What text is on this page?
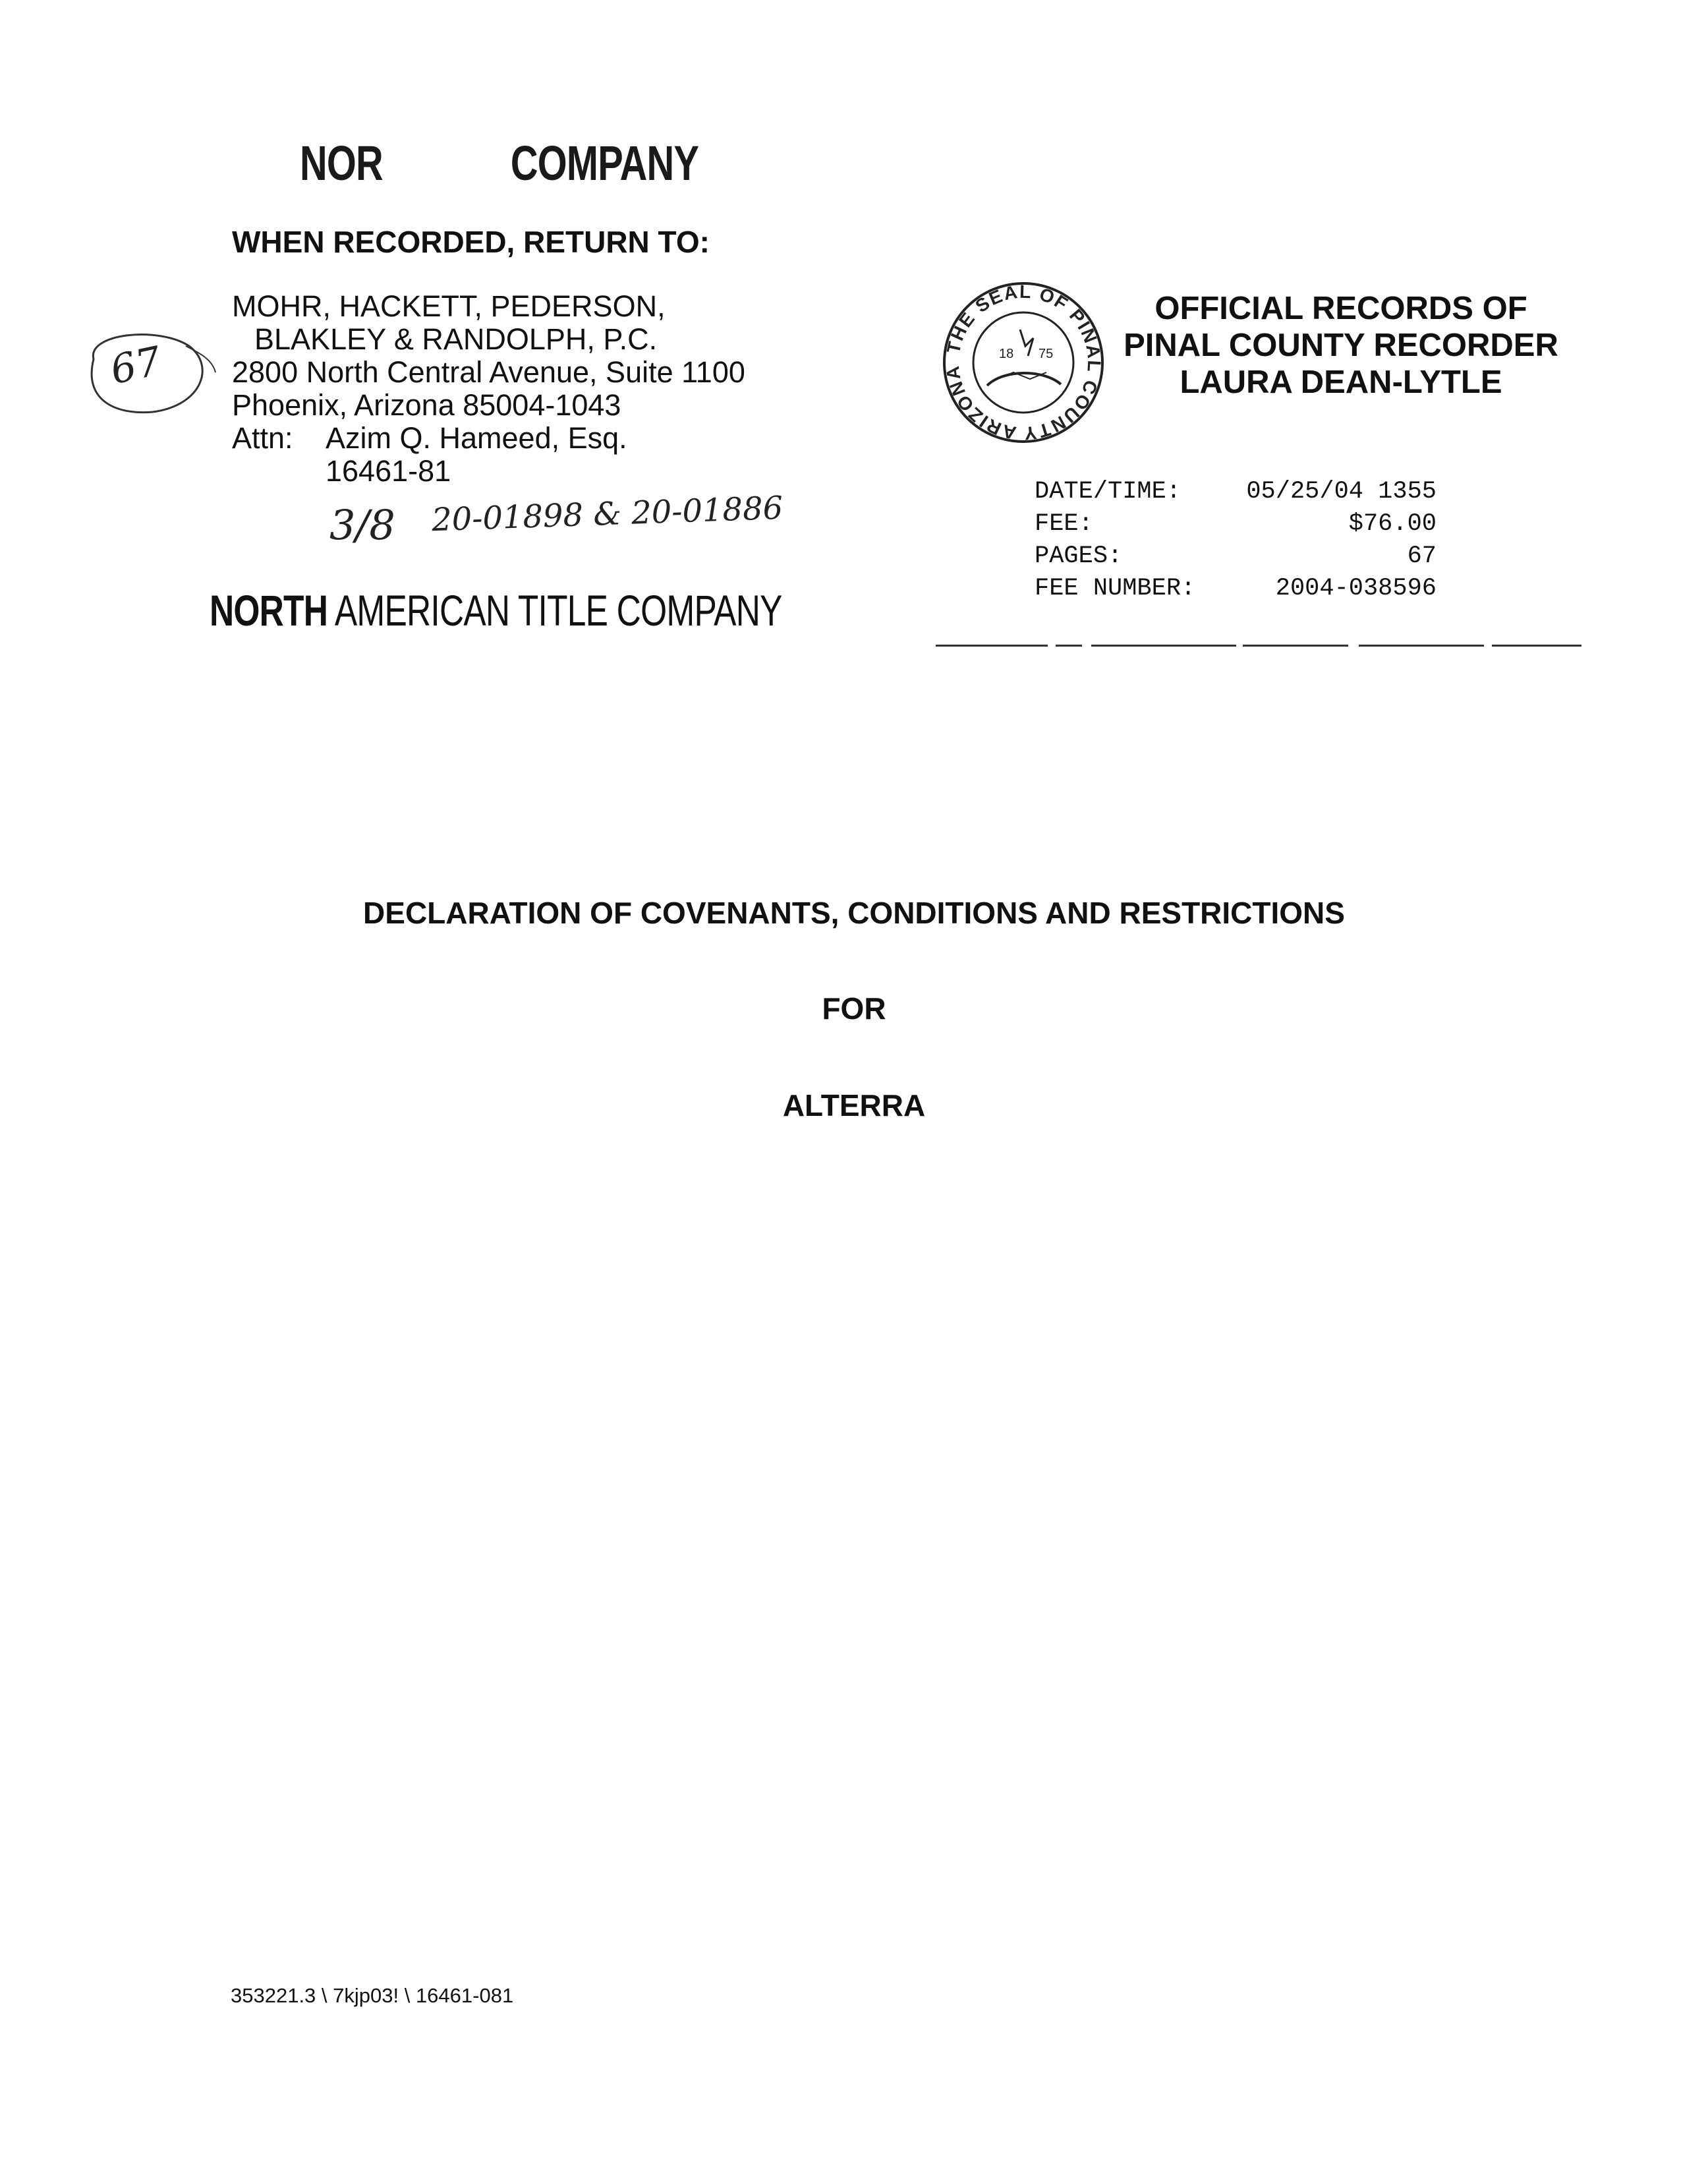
NOR                  COMPANY
WHEN RECORDED, RETURN TO:
MOHR, HACKETT, PEDERSON,
BLAKLEY & RANDOLPH, P.C.
2800 North Central Avenue, Suite 1100
Phoenix, Arizona 85004-1043
Attn: Azim Q. Hameed, Esq.
16461-81
67
3/8 20-01898 & 20-01886
NORTH AMERICAN TITLE COMPANY
THE SEAL OF PINAL COUNTY ARIZONA
18 75
OFFICIAL RECORDS OF
PINAL COUNTY RECORDER
LAURA DEAN-LYTLE
DATE/TIME:	05/25/04 1355
FEE:	$76.00
PAGES:	67
FEE NUMBER:	2004-038596
DECLARATION OF COVENANTS, CONDITIONS AND RESTRICTIONS
FOR
ALTERRA
353221.3 \ 7kjp03! \ 16461-081
